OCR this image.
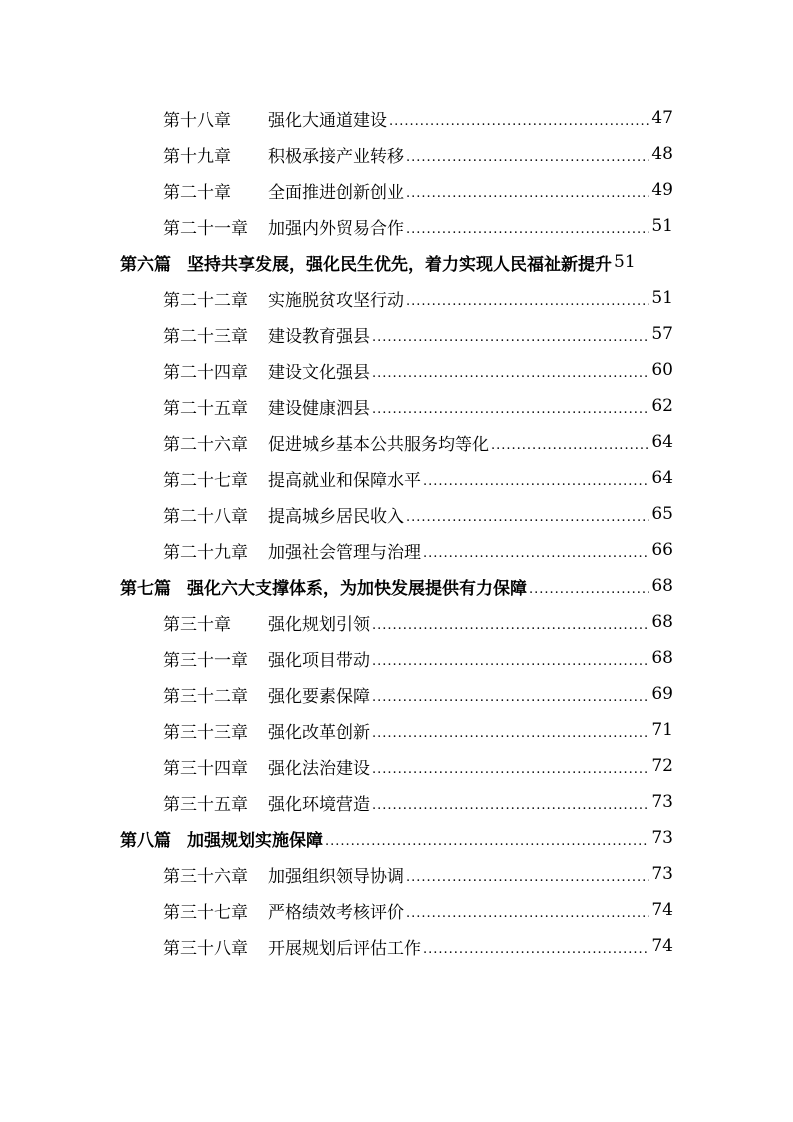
第十八章	强化大通道建设 .....	47
第十九章	积极承接产业转移 .....	48
第二十章	全面推进创新创业 .....	49
第二十一章	加强内外贸易合作 .....	51
第六篇 坚持共享发展，强化民生优先，着力实现人民福祉新提升 51
第二十二章	实施脱贫攻坚行动 .....	51
第二十三章	建设教育强县 .....	57
第二十四章	建设文化强县 .....	60
第二十五章	建设健康泗县 .....	62
第二十六章	促进城乡基本公共服务均等化 .....	64
第二十七章	提高就业和保障水平 .....	64
第二十八章	提高城乡居民收入 .....	65
第二十九章	加强社会管理与治理 .....	66
第七篇 强化六大支撑体系，为加快发展提供有力保障 .....	68
第三十章	强化规划引领 .....	68
第三十一章	强化项目带动 .....	68
第三十二章	强化要素保障 .....	69
第三十三章	强化改革创新 .....	71
第三十四章	强化法治建设 .....	72
第三十五章	强化环境营造 .....	73
第八篇 加强规划实施保障 .....	73
第三十六章	加强组织领导协调 .....	73
第三十七章	严格绩效考核评价 .....	74
第三十八章	开展规划后评估工作 .....	74
